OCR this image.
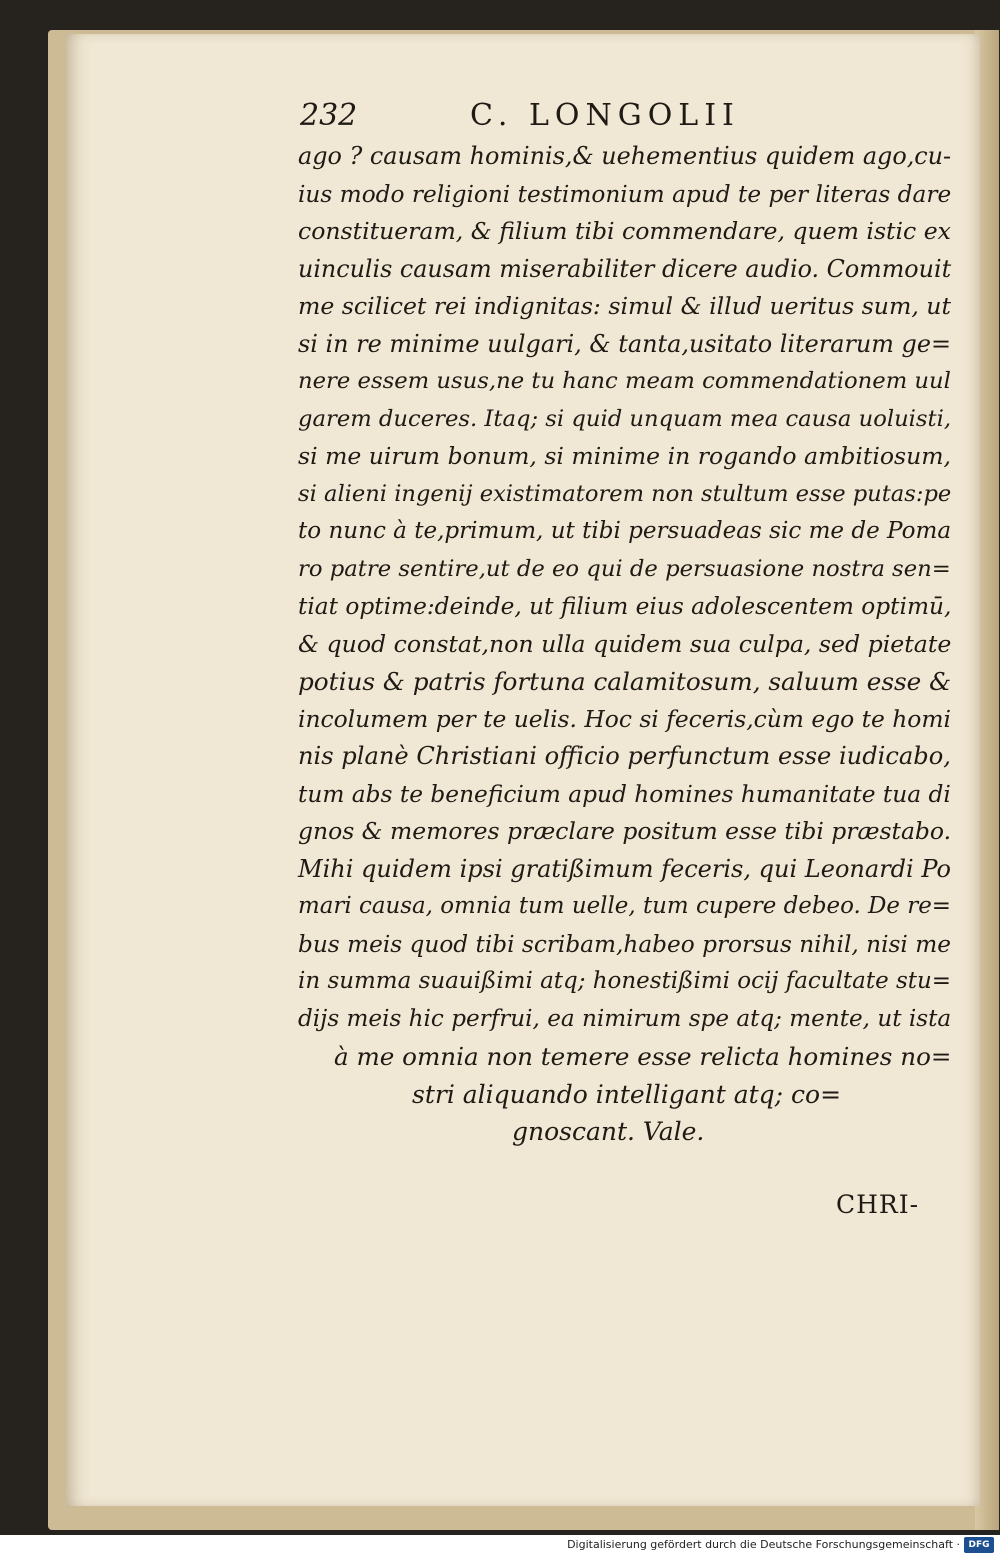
232	C. LONGOLII
ago ? causam hominis,& uehementius quidem ago,cu-
ius modo religioni testimonium apud te per literas dare
constitueram, & filium tibi commendare, quem istic ex
uinculis causam miserabiliter dicere audio. Commouit
me scilicet rei indignitas: simul & illud ueritus sum, ut
si in re minime uulgari, & tanta,usitato literarum ge=
nere essem usus,ne tu hanc meam commendationem uul
garem duceres. Itaq; si quid unquam mea causa uoluisti,
si me uirum bonum, si minime in rogando ambitiosum,
si alieni ingenij existimatorem non stultum esse putas:pe
to nunc à te,primum, ut tibi persuadeas sic me de Poma
ro patre sentire,ut de eo qui de persuasione nostra sen=
tiat optime:deinde, ut filium eius adolescentem optimū,
& quod constat,non ulla quidem sua culpa, sed pietate
potius & patris fortuna calamitosum, saluum esse &
incolumem per te uelis. Hoc si feceris,cùm ego te homi
nis planè Christiani officio perfunctum esse iudicabo,
tum abs te beneficium apud homines humanitate tua di
gnos & memores præclare positum esse tibi præstabo.
Mihi quidem ipsi gratißimum feceris, qui Leonardi Po
mari causa, omnia tum uelle, tum cupere debeo. De re=
bus meis quod tibi scribam,habeo prorsus nihil, nisi me
in summa suauißimi atq; honestißimi ocij facultate stu=
dijs meis hic perfrui, ea nimirum spe atq; mente, ut ista
à me omnia non temere esse relicta homines no=
stri aliquando intelligant atq; co=
gnoscant. Vale.
CHRI-
Digitalisierung gefördert durch die Deutsche Forschungsgemeinschaft · DFG
